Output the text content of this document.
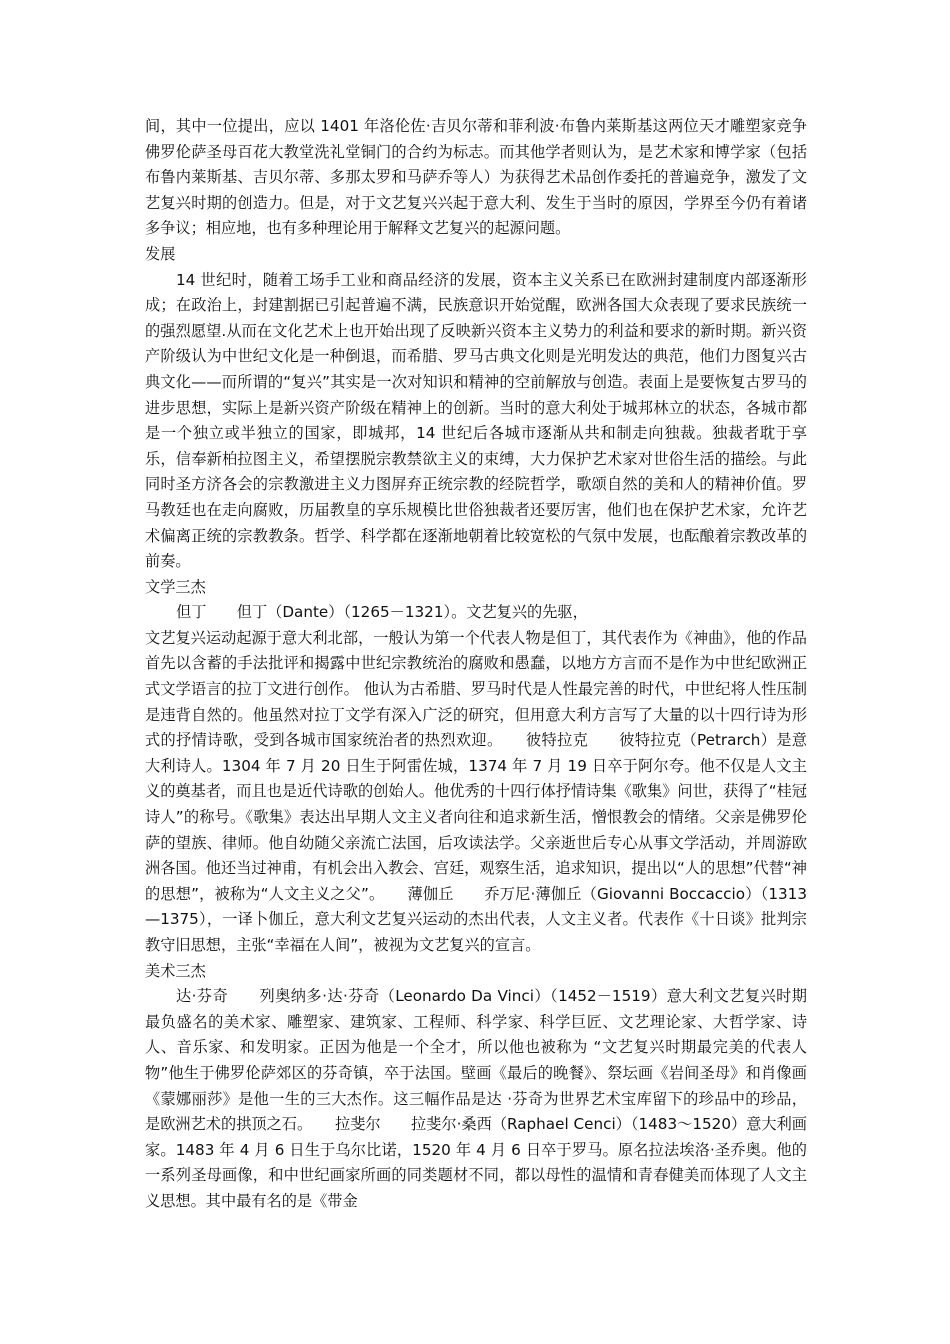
间，其中一位提出，应以 1401 年洛伦佐·吉贝尔蒂和菲利波·布鲁内莱斯基这两位天才雕塑家竞争佛罗伦萨圣母百花大教堂洗礼堂铜门的合约为标志。而其他学者则认为，是艺术家和博学家（包括布鲁内莱斯基、吉贝尔蒂、多那太罗和马萨乔等人）为获得艺术品创作委托的普遍竞争，激发了文艺复兴时期的创造力。但是，对于文艺复兴兴起于意大利、发生于当时的原因，学界至今仍有着诸多争议；相应地，也有多种理论用于解释文艺复兴的起源问题。

发展

14 世纪时，随着工场手工业和商品经济的发展，资本主义关系已在欧洲封建制度内部逐渐形成；在政治上，封建割据已引起普遍不满，民族意识开始觉醒，欧洲各国大众表现了要求民族统一的强烈愿望.从而在文化艺术上也开始出现了反映新兴资本主义势力的利益和要求的新时期。新兴资产阶级认为中世纪文化是一种倒退，而希腊、罗马古典文化则是光明发达的典范，他们力图复兴古典文化——而所谓的“复兴”其实是一次对知识和精神的空前解放与创造。表面上是要恢复古罗马的进步思想，实际上是新兴资产阶级在精神上的创新。当时的意大利处于城邦林立的状态，各城市都是一个独立或半独立的国家，即城邦，14 世纪后各城市逐渐从共和制走向独裁。独裁者耽于享乐，信奉新柏拉图主义，希望摆脱宗教禁欲主义的束缚，大力保护艺术家对世俗生活的描绘。与此同时圣方济各会的宗教激进主义力图屏弃正统宗教的经院哲学，歌颂自然的美和人的精神价值。罗马教廷也在走向腐败，历届教皇的享乐规模比世俗独裁者还要厉害，他们也在保护艺术家，允许艺术偏离正统的宗教教条。哲学、科学都在逐渐地朝着比较宽松的气氛中发展，也酝酿着宗教改革的前奏。

文学三杰

但丁　　但丁（Dante）（1265－1321）。文艺复兴的先驱，

文艺复兴运动起源于意大利北部，一般认为第一个代表人物是但丁，其代表作为《神曲》，他的作品首先以含蓄的手法批评和揭露中世纪宗教统治的腐败和愚蠢，以地方方言而不是作为中世纪欧洲正式文学语言的拉丁文进行创作。 他认为古希腊、罗马时代是人性最完善的时代，中世纪将人性压制是违背自然的。他虽然对拉丁文学有深入广泛的研究，但用意大利方言写了大量的以十四行诗为形式的抒情诗歌，受到各城市国家统治者的热烈欢迎。　　彼特拉克　　彼特拉克（Petrarch）是意大利诗人。1304 年 7 月 20 日生于阿雷佐城，1374 年 7 月 19 日卒于阿尔夸。他不仅是人文主义的奠基者，而且也是近代诗歌的创始人。他优秀的十四行体抒情诗集《歌集》问世，获得了“桂冠诗人”的称号。《歌集》表达出早期人文主义者向往和追求新生活，憎恨教会的情绪。父亲是佛罗伦萨的望族、律师。他自幼随父亲流亡法国，后攻读法学。父亲逝世后专心从事文学活动，并周游欧洲各国。他还当过神甫，有机会出入教会、宫廷，观察生活，追求知识，提出以“人的思想”代替“神的思想”，被称为“人文主义之父”。　　薄伽丘　　乔万尼·薄伽丘（Giovanni Boccaccio）（1313—1375），一译卜伽丘，意大利文艺复兴运动的杰出代表，人文主义者。代表作《十日谈》批判宗教守旧思想，主张“幸福在人间”，被视为文艺复兴的宣言。

美术三杰

达·芬奇　　列奥纳多·达·芬奇（Leonardo Da Vinci）（1452－1519）意大利文艺复兴时期最负盛名的美术家、雕塑家、建筑家、工程师、科学家、科学巨匠、文艺理论家、大哲学家、诗人、音乐家、和发明家。正因为他是一个全才，所以他也被称为 “文艺复兴时期最完美的代表人物”他生于佛罗伦萨郊区的芬奇镇，卒于法国。壁画《最后的晚餐》、祭坛画《岩间圣母》和肖像画《蒙娜丽莎》是他一生的三大杰作。这三幅作品是达 ·芬奇为世界艺术宝库留下的珍品中的珍品，是欧洲艺术的拱顶之石。　　拉斐尔　　拉斐尔·桑西（Raphael Cenci）（1483～1520）意大利画家。1483 年 4 月 6 日生于乌尔比诺，1520 年 4 月 6 日卒于罗马。原名拉法埃洛·圣乔奥。他的一系列圣母画像，和中世纪画家所画的同类题材不同，都以母性的温情和青春健美而体现了人文主义思想。其中最有名的是《带金
